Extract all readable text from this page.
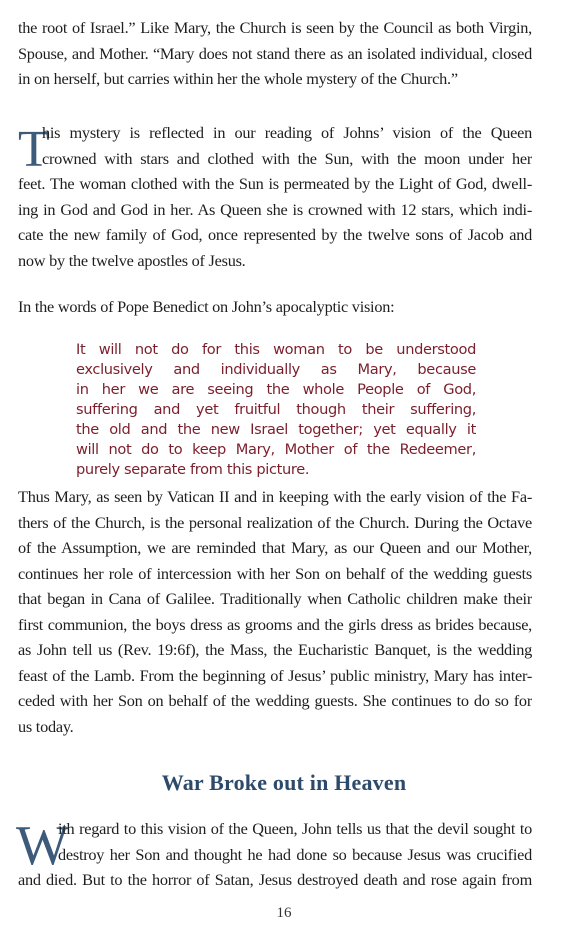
the root of Israel.” Like Mary, the Church is seen by the Council as both Virgin,
Spouse, and Mother. “Mary does not stand there as an isolated individual, closed
in on herself, but carries within her the whole mystery of the Church.”

T

his mystery is reflected in our reading of Johns’ vision of the Queen
crowned with stars and clothed with the Sun, with the moon under her
feet. The woman clothed with the Sun is permeated by the Light of God, dwell-
ing in God and God in her. As Queen she is crowned with 12 stars, which indi-
cate the new family of God, once represented by the twelve sons of Jacob and
now by the twelve apostles of Jesus.

In the words of Pope Benedict on John’s apocalyptic vision:

It will not do for this woman to be understood
exclusively and individually as Mary, because
in her we are seeing the whole People of God,
suffering and yet fruitful though their suffering,
the old and the new Israel together; yet equally it
will not do to keep Mary, Mother of the Redeemer,
purely separate from this picture.

Thus Mary, as seen by Vatican II and in keeping with the early vision of the Fa-
thers of the Church, is the personal realization of the Church. During the Octave
of the Assumption, we are reminded that Mary, as our Queen and our Mother,
continues her role of intercession with her Son on behalf of the wedding guests
that began in Cana of Galilee. Traditionally when Catholic children make their
first communion, the boys dress as grooms and the girls dress as brides because,
as John tell us (Rev. 19:6f), the Mass, the Eucharistic Banquet, is the wedding
feast of the Lamb. From the beginning of Jesus’ public ministry, Mary has inter-
ceded with her Son on behalf of the wedding guests. She continues to do so for
us today.

War Broke out in Heaven
W

ith regard to this vision of the Queen, John tells us that the devil sought to
destroy her Son and thought he had done so because Jesus was crucified
and died. But to the horror of Satan, Jesus destroyed death and rose again from

16
